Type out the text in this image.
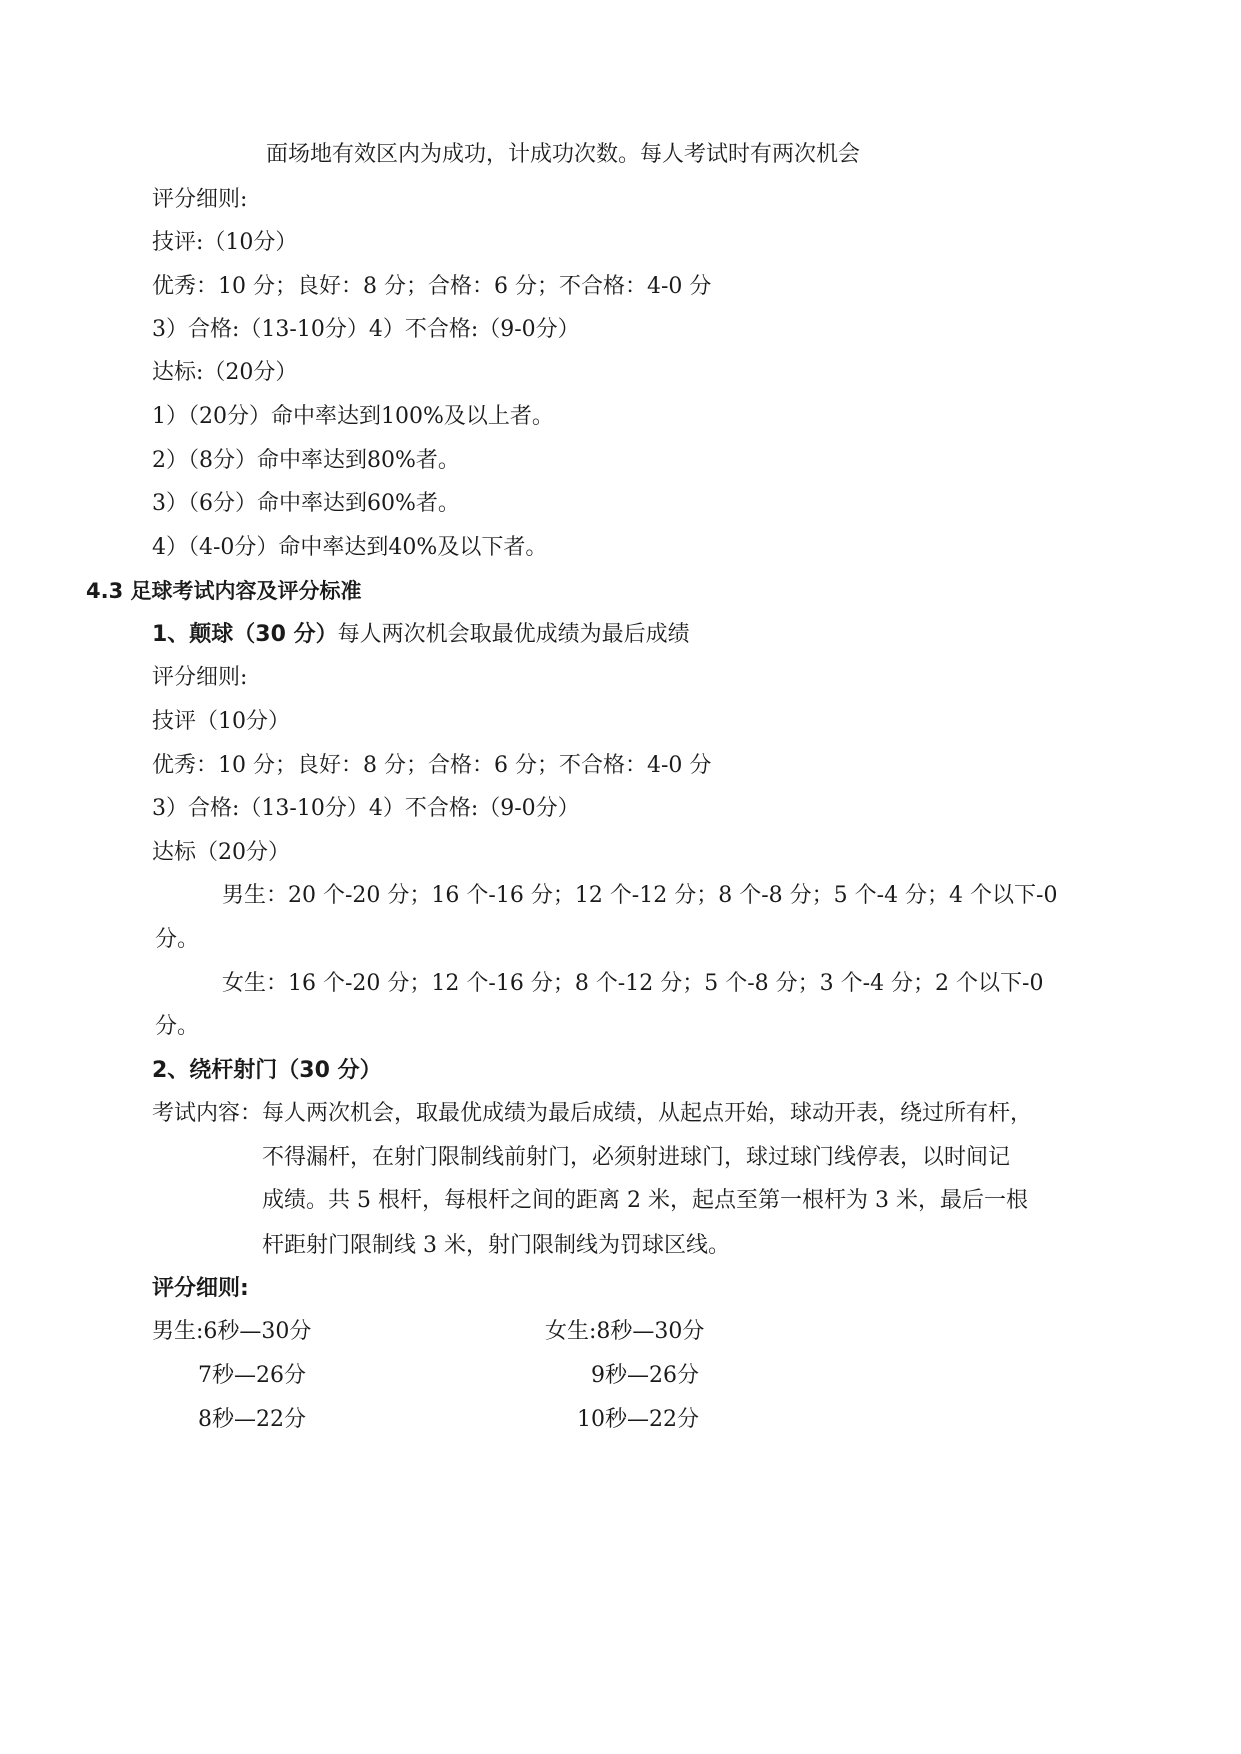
面场地有效区内为成功，计成功次数。每人考试时有两次机会
评分细则:
技评:（10分）
优秀：10 分；良好：8 分；合格：6 分；不合格：4-0 分
3）合格:（13-10分）4）不合格:（9-0分）
达标:（20分）
1）（20分）命中率达到100%及以上者。
2）（8分）命中率达到80%者。
3）（6分）命中率达到60%者。
4）（4-0分）命中率达到40%及以下者。
4.3 足球考试内容及评分标准
1、颠球（30 分）每人两次机会取最优成绩为最后成绩
评分细则:
技评（10分）
优秀：10 分；良好：8 分；合格：6 分；不合格：4-0 分
3）合格:（13-10分）4）不合格:（9-0分）
达标（20分）
男生：20 个-20 分；16 个-16 分；12 个-12 分；8 个-8 分；5 个-4 分；4 个以下-0
分。
女生：16 个-20 分；12 个-16 分；8 个-12 分；5 个-8 分；3 个-4 分；2 个以下-0
分。
2、绕杆射门（30 分）
考试内容： 每人两次机会，取最优成绩为最后成绩，从起点开始，球动开表，绕过所有杆，
不得漏杆，在射门限制线前射门，必须射进球门，球过球门线停表，以时间记
成绩。共 5 根杆，每根杆之间的距离 2 米，起点至第一根杆为 3 米，最后一根
杆距射门限制线 3 米，射门限制线为罚球区线。
评分细则:
男生:6秒—30分
7秒—26分
8秒—22分
女生:8秒—30分
9秒—26分
10秒—22分
